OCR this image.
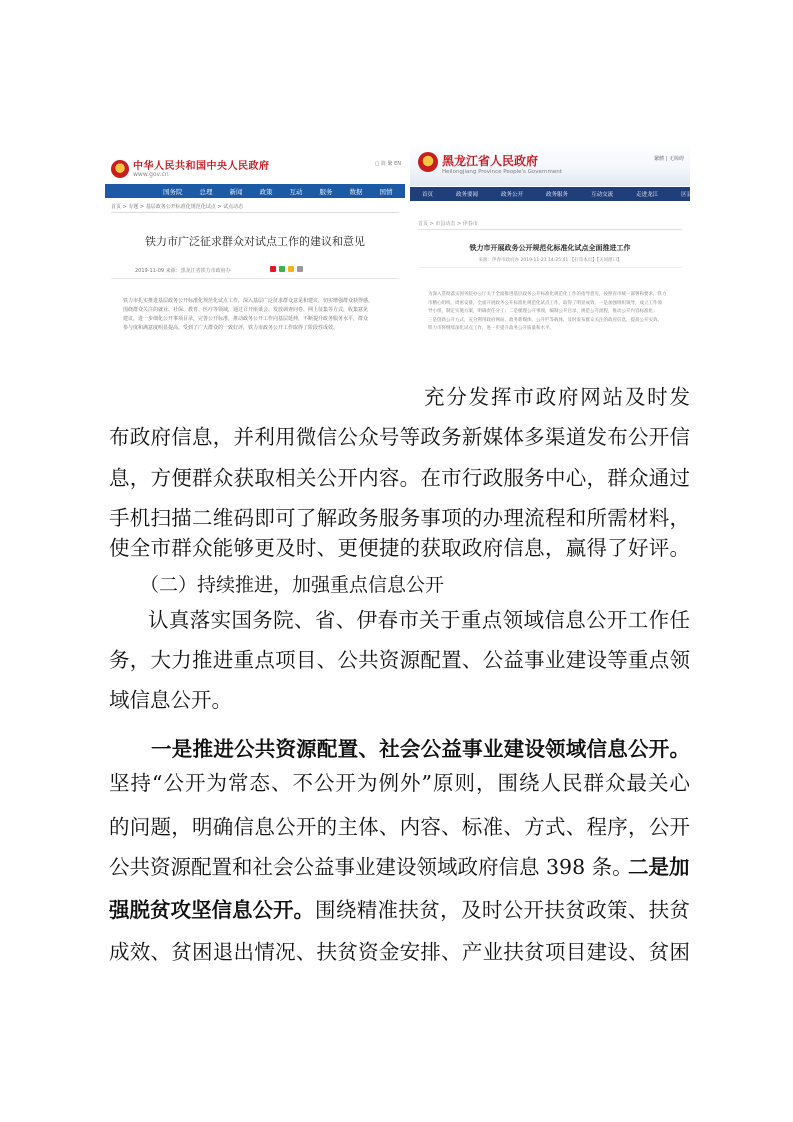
中华人民共和国中央人民政府
www.gov.cn
▢ 简 繁 EN
国务院	总理	新闻	政策	互动	服务	数据	国情
首页 > 专题 > 基层政务公开标准化规范化试点 > 试点动态
铁力市广泛征求群众对试点工作的建议和意见
2019-11-09 来源：黑龙江省铁力市政府办

铁力市扎实推进基层政务公开标准化规范化试点工作，深入基层广泛征求群众意见和建议，切实增强群众获得感。

围绕群众关注的就业、社保、教育、医疗等领域，通过召开座谈会、发放调查问卷、网上征集等方式，收集意见

建议，进一步细化公开事项目录，完善公开标准，推动政务公开工作向基层延伸，不断提升政务服务水平，群众

参与度和满意度明显提高。受到了广大群众的一致好评，铁力市政务公开工作取得了阶段性成效。

黑龙江省人民政府
Heilongjiang Province People's Government
繁體 | 无障碍
首页	政务要闻	政务公开	政务服务	互动交流	走进龙江	区县公开
首页 > 市县动态 > 伊春市
铁力市开展政务公开规范化标准化试点全面推进工作
来源：伊春市政府办 2019-11-21 14:25:41 【打印本页】【关闭窗口】

为深入贯彻落实国务院办公厅关于全面推进基层政务公开标准化规范化工作的指导意见，按照省市统一部署和要求，铁力

市精心组织、周密安排，全面开展政务公开标准化规范化试点工作，取得了明显成效。一是加强组织领导，成立工作领

导小组，制定实施方案，明确责任分工；二是梳理公开事项，编制公开目录，规范公开流程，推动公开内容标准化；

三是创新公开方式，充分利用政府网站、政务新媒体、公开栏等载体，及时发布群众关注的政府信息，提高公开实效。

铁力市将继续深化试点工作，进一步提升政务公开质量和水平。

充分发挥市政府网站及时发
布政府信息，并利用微信公众号等政务新媒体多渠道发布公开信
息，方便群众获取相关公开内容。在市行政服务中心，群众通过
手机扫描二维码即可了解政务服务事项的办理流程和所需材料，
使全市群众能够更及时、更便捷的获取政府信息，赢得了好评。
（二）持续推进，加强重点信息公开
认真落实国务院、省、伊春市关于重点领域信息公开工作任
务，大力推进重点项目、公共资源配置、公益事业建设等重点领
域信息公开。
一是推进公共资源配置、社会公益事业建设领域信息公开。
坚持“公开为常态、不公开为例外”原则，围绕人民群众最关心
的问题，明确信息公开的主体、内容、标准、方式、程序，公开
公共资源配置和社会公益事业建设领域政府信息 398 条。
二是加
强脱贫攻坚信息公开。 围绕精准扶贫，及时公开扶贫政策、扶贫
成效、贫困退出情况、扶贫资金安排、产业扶贫项目建设、贫困
